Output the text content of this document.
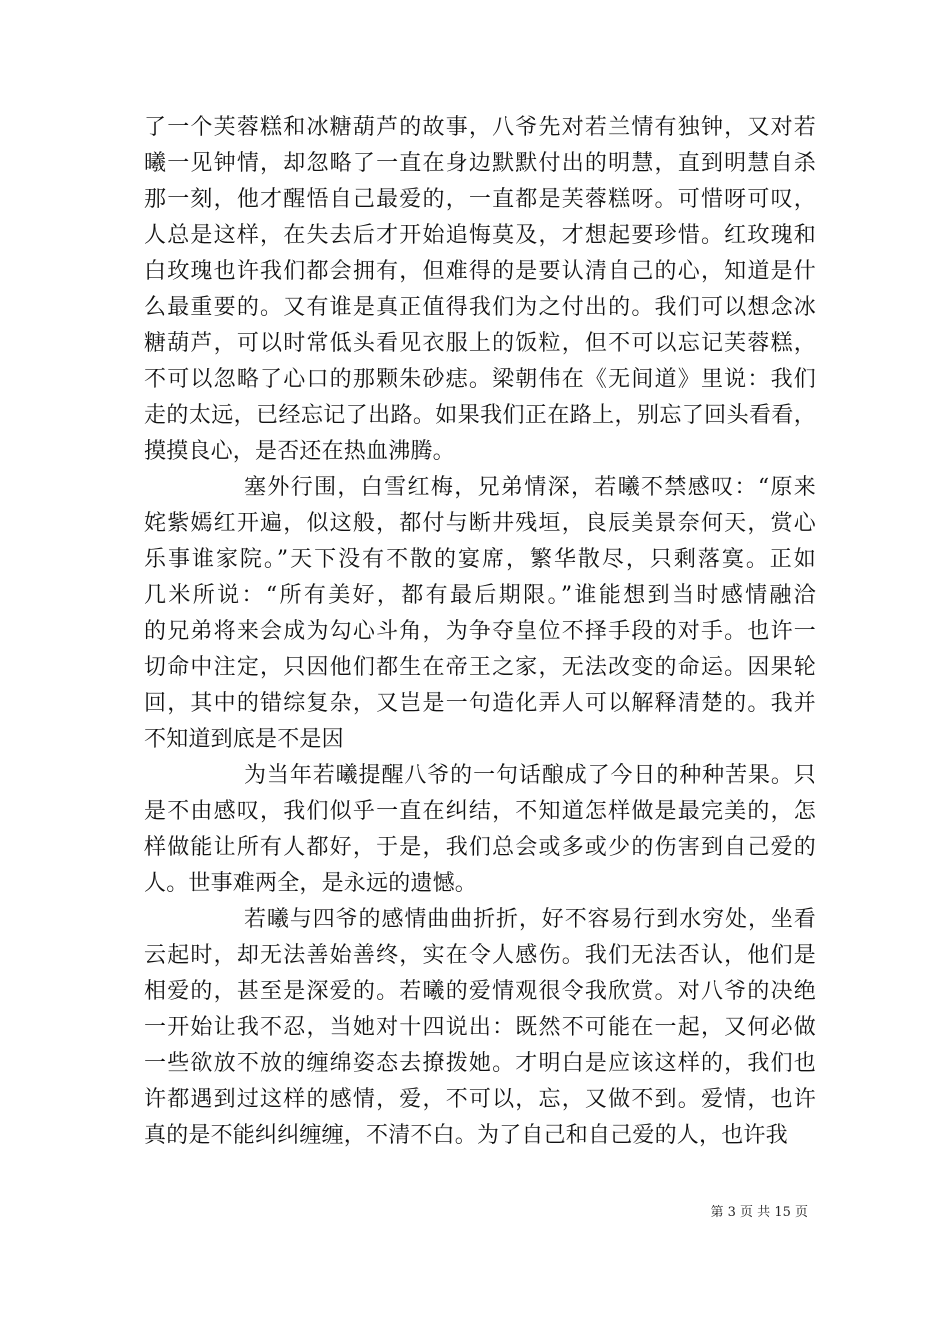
了一个芙蓉糕和冰糖葫芦的故事，八爷先对若兰情有独钟，又对若
曦一见钟情，却忽略了一直在身边默默付出的明慧，直到明慧自杀
那一刻，他才醒悟自己最爱的，一直都是芙蓉糕呀。可惜呀可叹，
人总是这样，在失去后才开始追悔莫及，才想起要珍惜。红玫瑰和
白玫瑰也许我们都会拥有，但难得的是要认清自己的心，知道是什
么最重要的。又有谁是真正值得我们为之付出的。我们可以想念冰
糖葫芦，可以时常低头看见衣服上的饭粒，但不可以忘记芙蓉糕，
不可以忽略了心口的那颗朱砂痣。梁朝伟在《无间道》里说：我们
走的太远，已经忘记了出路。如果我们正在路上，别忘了回头看看，
摸摸良心，是否还在热血沸腾。
塞外行围，白雪红梅，兄弟情深，若曦不禁感叹：“原来
姹紫嫣红开遍，似这般，都付与断井残垣，良辰美景奈何天，赏心
乐事谁家院。”天下没有不散的宴席，繁华散尽，只剩落寞。正如
几米所说：“所有美好，都有最后期限。”谁能想到当时感情融洽
的兄弟将来会成为勾心斗角，为争夺皇位不择手段的对手。也许一
切命中注定，只因他们都生在帝王之家，无法改变的命运。因果轮
回，其中的错综复杂，又岂是一句造化弄人可以解释清楚的。我并
不知道到底是不是因
为当年若曦提醒八爷的一句话酿成了今日的种种苦果。只
是不由感叹，我们似乎一直在纠结，不知道怎样做是最完美的，怎
样做能让所有人都好，于是，我们总会或多或少的伤害到自己爱的
人。世事难两全，是永远的遗憾。
若曦与四爷的感情曲曲折折，好不容易行到水穷处，坐看
云起时，却无法善始善终，实在令人感伤。我们无法否认，他们是
相爱的，甚至是深爱的。若曦的爱情观很令我欣赏。对八爷的决绝
一开始让我不忍，当她对十四说出：既然不可能在一起，又何必做
一些欲放不放的缠绵姿态去撩拨她。才明白是应该这样的，我们也
许都遇到过这样的感情，爱，不可以，忘，又做不到。爱情，也许
真的是不能纠纠缠缠，不清不白。为了自己和自己爱的人，也许我
第 3 页 共 15 页
